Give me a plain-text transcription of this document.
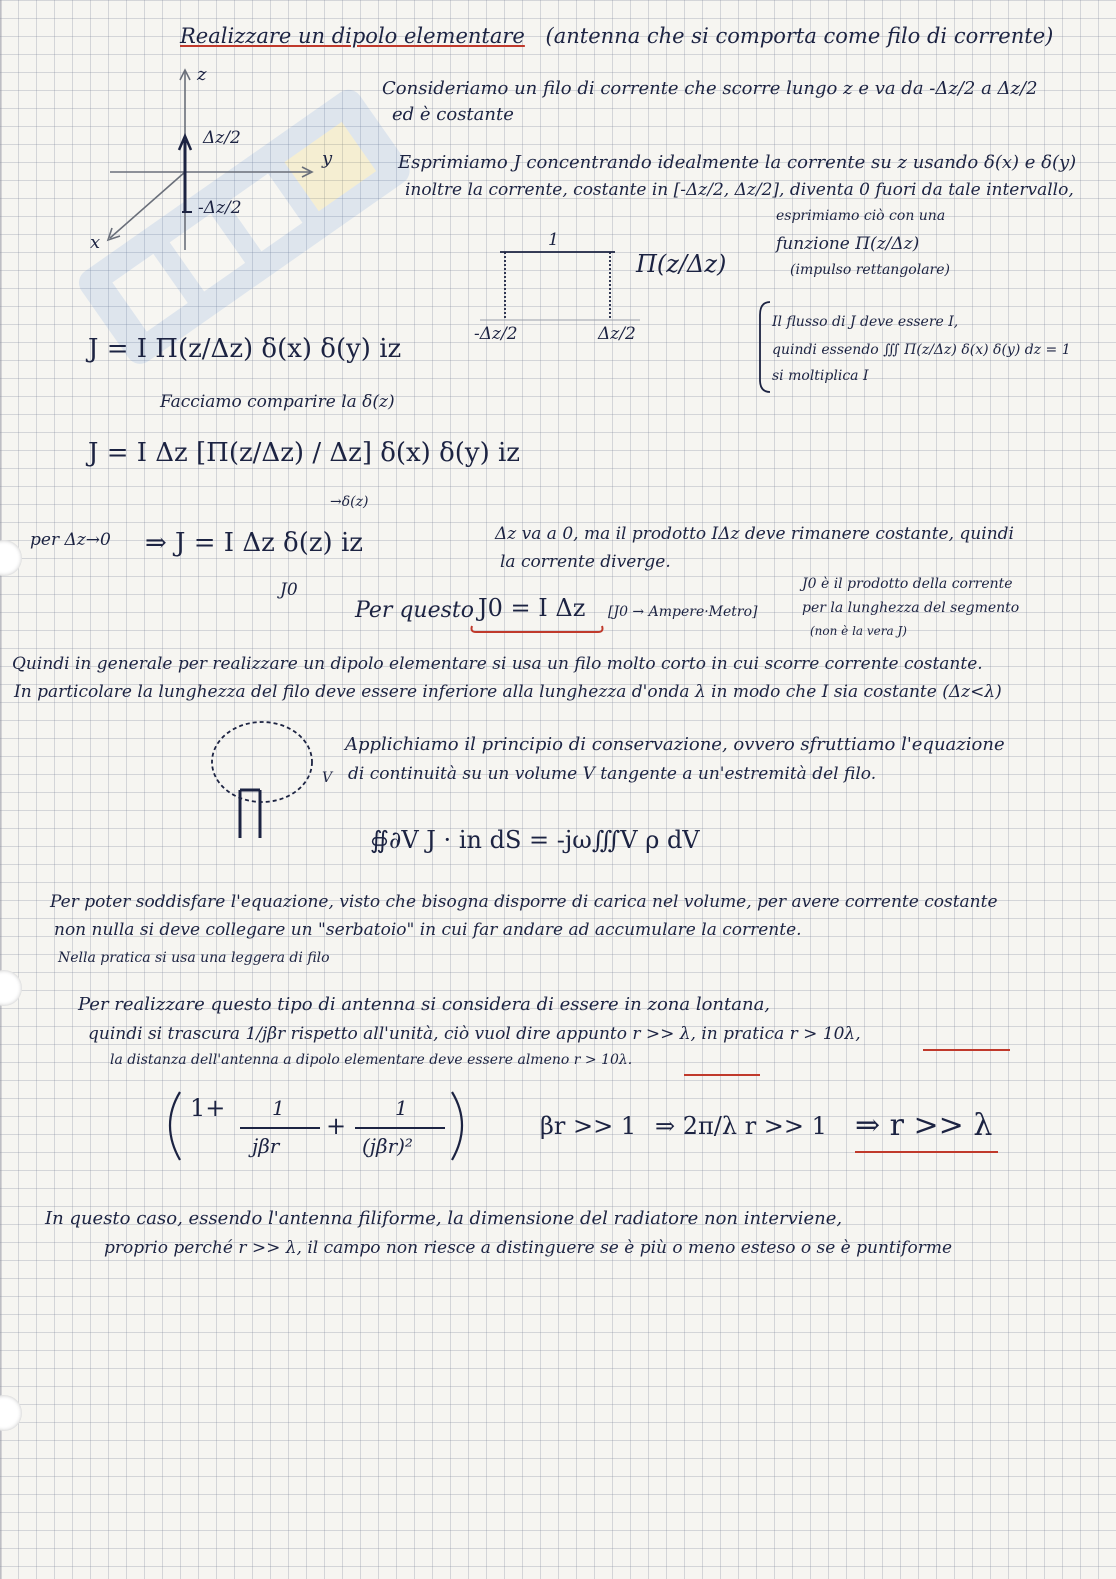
Realizzare un dipolo elementare (antenna che si comporta come filo di corrente)
z
y
x
Δz/2
-Δz/2
Consideriamo un filo di corrente che scorre lungo z e va da -Δz/2 a Δz/2
ed è costante
Esprimiamo J concentrando idealmente la corrente su z usando δ(x) e δ(y)
inoltre la corrente, costante in [-Δz/2, Δz/2], diventa 0 fuori da tale intervallo,
esprimiamo ciò con una
funzione Π(z/Δz)
(impulso rettangolare)
1
Π(z/Δz)
-Δz/2	Δz/2
Il flusso di J deve essere I,
quindi essendo ∭ Π(z/Δz) δ(x) δ(y) dz = 1
si moltiplica I
J = I Π(z/Δz) δ(x) δ(y) iz
Facciamo comparire la δ(z)
J = I Δz [Π(z/Δz) / Δz] δ(x) δ(y) iz
→δ(z)
per Δz→0 ⇒ J = I Δz δ(z) iz	Δz va a 0, ma il prodotto IΔz deve rimanere costante, quindi
la corrente diverge.
J0
Per questo J0 = I Δz [J0 → Ampere·Metro]
J0 è il prodotto della corrente
per la lunghezza del segmento
(non è la vera J)
Quindi in generale per realizzare un dipolo elementare si usa un filo molto corto in cui scorre corrente costante.
In particolare la lunghezza del filo deve essere inferiore alla lunghezza d'onda λ in modo che I sia costante (Δz<λ)
Applichiamo il principio di conservazione, ovvero sfruttiamo l'equazione
di continuità su un volume V tangente a un'estremità del filo.
V
∯∂V J · in dS = -jω∭V ρ dV
Per poter soddisfare l'equazione, visto che bisogna disporre di carica nel volume, per avere corrente costante
non nulla si deve collegare un "serbatoio" in cui far andare ad accumulare la corrente.
Nella pratica si usa una leggera di filo
Per realizzare questo tipo di antenna si considera di essere in zona lontana,
quindi si trascura 1/jβr rispetto all'unità, ciò vuol dire appunto r >> λ, in pratica r > 10λ,
la distanza dell'antenna a dipolo elementare deve essere almeno r > 10λ.
1+ 1
jβr
+
1
(jβr)²
βr >> 1 ⇒ 2π/λ r >> 1 ⇒ r >> λ
In questo caso, essendo l'antenna filiforme, la dimensione del radiatore non interviene,
proprio perché r >> λ, il campo non riesce a distinguere se è più o meno esteso o se è puntiforme
